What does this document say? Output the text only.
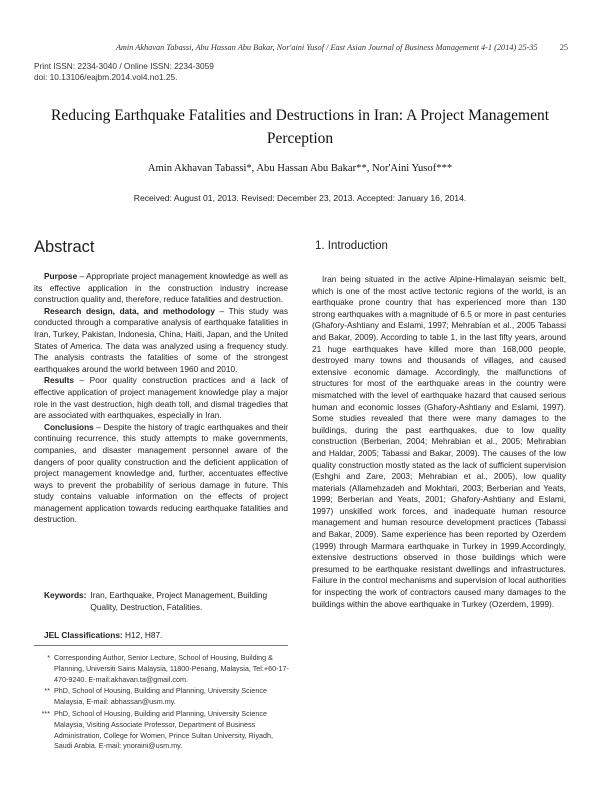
Amin Akhavan Tabassi, Abu Hassan Abu Bakar, Nor'aini Yusof / East Asian Journal of Business Management 4-1 (2014) 25-35	25
Print ISSN: 2234-3040 / Online ISSN: 2234-3059
doi: 10.13106/eajbm.2014.vol4.no1.25.
Reducing Earthquake Fatalities and Destructions in Iran: A Project Management
Perception
Amin Akhavan Tabassi*, Abu Hassan Abu Bakar**, Nor'Aini Yusof***
Received: August 01, 2013. Revised: December 23, 2013. Accepted: January 16, 2014.
Abstract	1. Introduction

Purpose – Appropriate project management knowledge as well as its effective application in the construction industry increase construction quality and, therefore, reduce fatalities and destruction.

Research design, data, and methodology – This study was conducted through a comparative analysis of earthquake fatalities in Iran, Turkey, Pakistan, Indonesia, China, Haiti, Japan, and the United States of America. The data was analyzed using a frequency study. The analysis contrasts the fatalities of some of the strongest earthquakes around the world between 1960 and 2010.

Results – Poor quality construction practices and a lack of effective application of project management knowledge play a major role in the vast destruction, high death toll, and dismal tragedies that are associated with earthquakes, especially in Iran.

Conclusions – Despite the history of tragic earthquakes and their continuing recurrence, this study attempts to make governments, companies, and disaster management personnel aware of the dangers of poor quality construction and the deficient application of project management knowledge and, further, accentuates effective ways to prevent the probability of serious damage in future. This study contains valuable information on the effects of project management application towards reducing earthquake fatalities and destruction.

Keywords: Iran, Earthquake, Project Management, Building Quality, Destruction, Fatalities.
JEL Classifications: H12, H87.
* Corresponding Author, Senior Lecture, School of Housing, Building & Planning, Universiti Sains Malaysia, 11800-Penang, Malaysia, Tel:+60-17-470-9240. E-mail:akhavan.ta@gmail.com.
** PhD, School of Housing, Building and Planning, University Science Malaysia, E-mail: abhassan@usm.my.
*** PhD, School of Housing, Building and Planning, University Science Malaysia, Visiting Associate Professor, Department of Business Administration, College for Women, Prince Sultan University, Riyadh, Saudi Arabia. E-mail: ynoraini@usm.my.

Iran being situated in the active Alpine-Himalayan seismic belt, which is one of the most active tectonic regions of the world, is an earthquake prone country that has experienced more than 130 strong earthquakes with a magnitude of 6.5 or more in past centuries (Ghafory-Ashtiany and Eslami, 1997; Mehrabian et al., 2005 Tabassi and Bakar, 2009). According to table 1, in the last fifty years, around 21 huge earthquakes have killed more than 168,000 people, destroyed many towns and thousands of villages, and caused extensive economic damage. Accordingly, the malfunctions of structures for most of the earthquake areas in the country were mismatched with the level of earthquake hazard that caused serious human and economic losses (Ghafory-Ashtiany and Eslami, 1997). Some studies revealed that there were many damages to the buildings, during the past earthquakes, due to low quality construction (Berberian, 2004; Mehrabian et al., 2005; Mehrabian and Haldar, 2005; Tabassi and Bakar, 2009). The causes of the low quality construction mostly stated as the lack of sufficient supervision (Eshghi and Zare, 2003; Mehrabian et al., 2005), low quality materials (Allamehzadeh and Mokhtari, 2003; Berberian and Yeats, 1999; Berberian and Yeats, 2001; Ghafory-Ashtiany and Eslami, 1997) unskilled work forces, and inadequate human resource management and human resource development practices (Tabassi and Bakar, 2009). Same experience has been reported by Ozerdem (1999) through Marmara earthquake in Turkey in 1999.Accordingly, extensive destructions observed in those buildings which were presumed to be earthquake resistant dwellings and infrastructures. Failure in the control mechanisms and supervision of local authorities for inspecting the work of contractors caused many damages to the buildings within the above earthquake in Turkey (Ozerdem, 1999).
